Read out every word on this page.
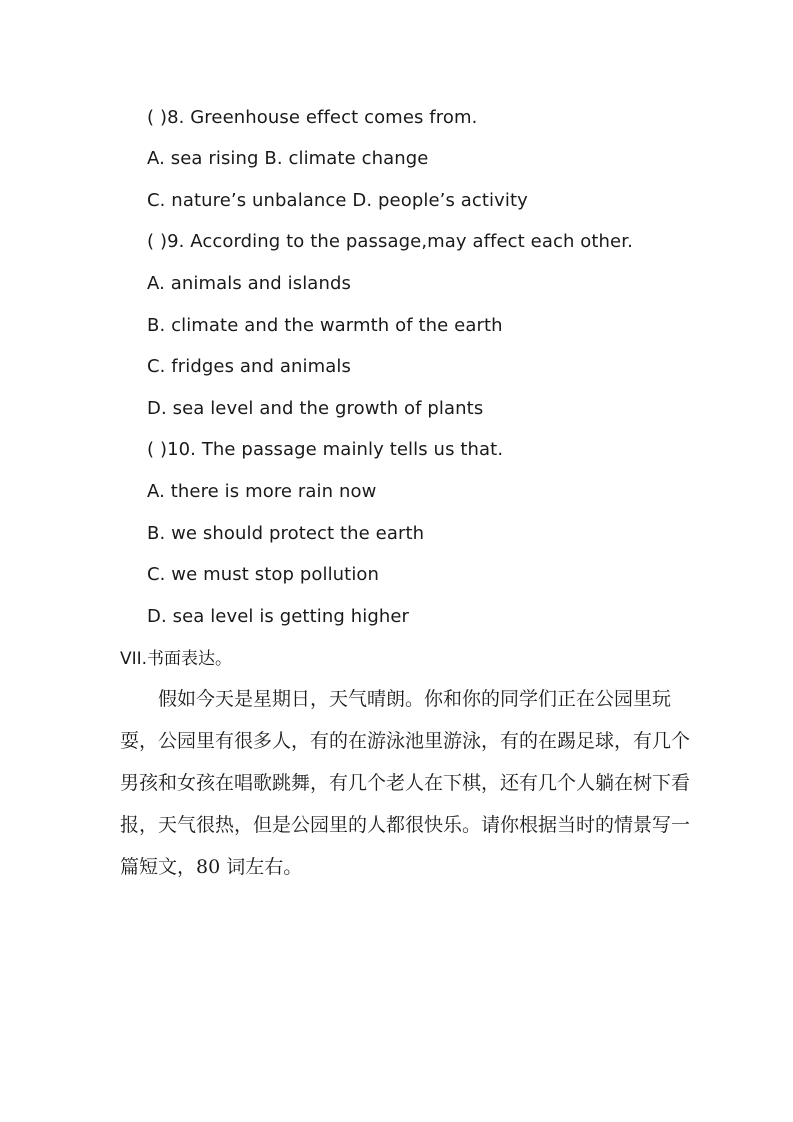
( )8. Greenhouse effect comes from.
A. sea rising B. climate change
C. nature’s unbalance D. people’s activity
( )9. According to the passage,may affect each other.
A. animals and islands
B. climate and the warmth of the earth
C. fridges and animals
D. sea level and the growth of plants
( )10. The passage mainly tells us that.
A. there is more rain now
B. we should protect the earth
C. we must stop pollution
D. sea level is getting higher
VII.书面表达。
　　假如今天是星期日，天气晴朗。你和你的同学们正在公园里玩
耍，公园里有很多人，有的在游泳池里游泳，有的在踢足球，有几个
男孩和女孩在唱歌跳舞，有几个老人在下棋，还有几个人躺在树下看
报，天气很热，但是公园里的人都很快乐。请你根据当时的情景写一
篇短文，80 词左右。
